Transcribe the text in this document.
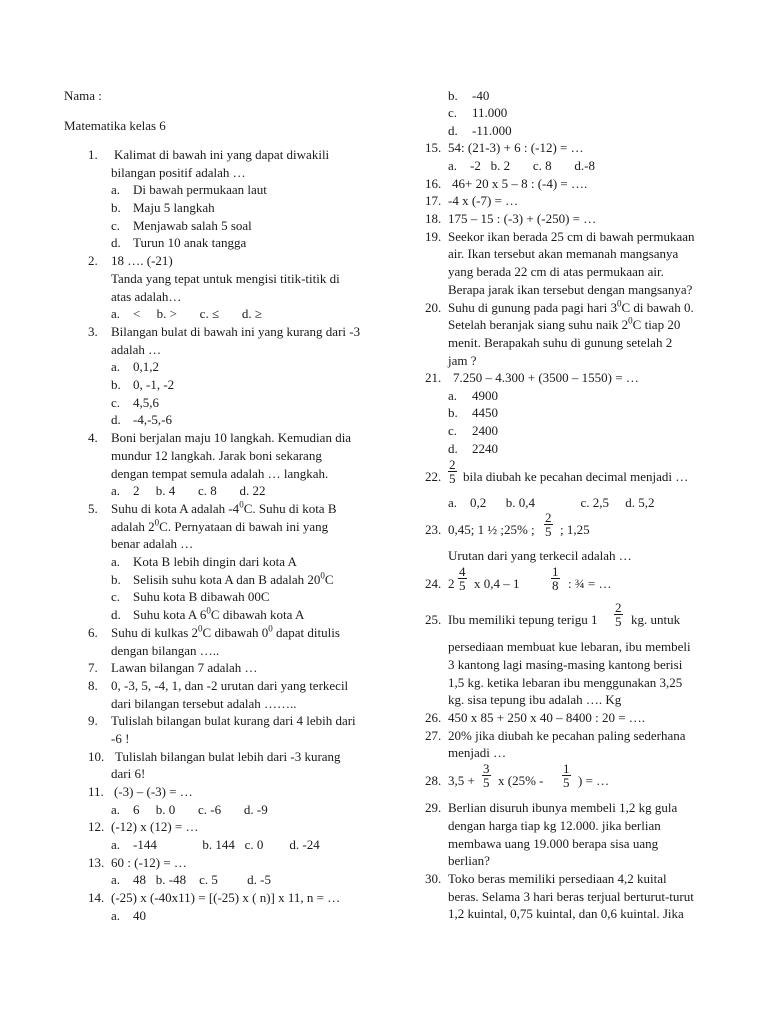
Nama :
Matematika kelas 6
1. Kalimat di bawah ini yang dapat diwakili
bilangan positif adalah …
a. Di bawah permukaan laut
b. Maju 5 langkah
c. Menjawab salah 5 soal
d. Turun 10 anak tangga
2. 18 …. (-21)
Tanda yang tepat untuk mengisi titik-titik di
atas adalah…
a.    <     b. >       c. ≤       d. ≥
3. Bilangan bulat di bawah ini yang kurang dari -3
adalah …
a. 0,1,2
b. 0, -1, -2
c. 4,5,6
d. -4,-5,-6
4. Boni berjalan maju 10 langkah. Kemudian dia
mundur 12 langkah. Jarak boni sekarang
dengan tempat semula adalah … langkah.
a.    2     b. 4       c. 8       d. 22
5. Suhu di kota A adalah $-4^0C$. Suhu di kota B
adalah $2^0C$. Pernyataan di bawah ini yang
benar adalah …
a. Kota B lebih dingin dari kota A
b. Selisih suhu kota A dan B adalah $20^0C$
c. Suhu kota B dibawah 00C
d. Suhu kota A $6^0C$ dibawah kota A
6. Suhu di kulkas $2^0C$ dibawah $0^0$ dapat ditulis
dengan bilangan …..
7. Lawan bilangan 7 adalah …
8. 0, -3, 5, -4, 1, dan -2 urutan dari yang terkecil
dari bilangan tersebut adalah ……..
9. Tulislah bilangan bulat kurang dari 4 lebih dari
-6 !
10. Tulislah bilangan bulat lebih dari -3 kurang
dari 6!
11. (-3) – (-3) = …
a.    6     b. 0       c. -6       d. -9
12. (-12) x (12) = …
a.    -144              b. 144   c. 0        d. -24
13. 60 : (-12) = …
a.    48   b. -48    c. 5         d. -5
14. (-25) x (-40x11) = [(-25) x ( n)] x 11, n = …
a. 40
b. -40
c. 11.000
d. -11.000
15. 54: (21-3) + 6 : (-12) = …
a.    -2   b. 2       c. 8       d.-8
16. 46+ 20 x 5 – 8 : (-4) = ….
17. -4 x (-7) = …
18. 175 – 15 : (-3) + (-250) = …
19. Seekor ikan berada 25 cm di bawah permukaan
air. Ikan tersebut akan memanah mangsanya
yang berada 22 cm di atas permukaan air.
Berapa jarak ikan tersebut dengan mangsanya?
20. Suhu di gunung pada pagi hari $3^0C$ di bawah 0.
Setelah beranjak siang suhu naik $2^0C$ tiap 20
menit. Berapakah suhu di gunung setelah 2
jam ?
21. 7.250 – 4.300 + (3500 – 1550) = …
a. 4900
b. 4450
c. 2400
d. 2240
22. $\frac{2}{5}$ bila diubah ke pecahan decimal menjadi …
a.    0,2      b. 0,4              c. 2,5     d. 5,2
23. 0,45; 1 ½ ;25% ; $\frac{2}{5}$ ; 1,25
Urutan dari yang terkecil adalah …
24. $2 \frac{4}{5}$ x $0,4 - 1 \frac{1}{8}$ : ¾ = …
25. Ibu memiliki tepung terigu $1 \frac{2}{5}$ kg. untuk
persediaan membuat kue lebaran, ibu membeli
3 kantong lagi masing-masing kantong berisi
1,5 kg. ketika lebaran ibu menggunakan 3,25
kg. sisa tepung ibu adalah …. Kg
26. 450 x 85 + 250 x 40 – 8400 : 20 = ….
27. 20% jika diubah ke pecahan paling sederhana
menjadi …
28. $3,5 + \frac{3}{5}$ x ($25\% - \frac{1}{5}$ ) = …
29. Berlian disuruh ibunya membeli 1,2 kg gula
dengan harga tiap kg 12.000. jika berlian
membawa uang 19.000 berapa sisa uang
berlian?
30. Toko beras memiliki persediaan 4,2 kuital
beras. Selama 3 hari beras terjual berturut-turut
1,2 kuintal, 0,75 kuintal, dan 0,6 kuintal. Jika
